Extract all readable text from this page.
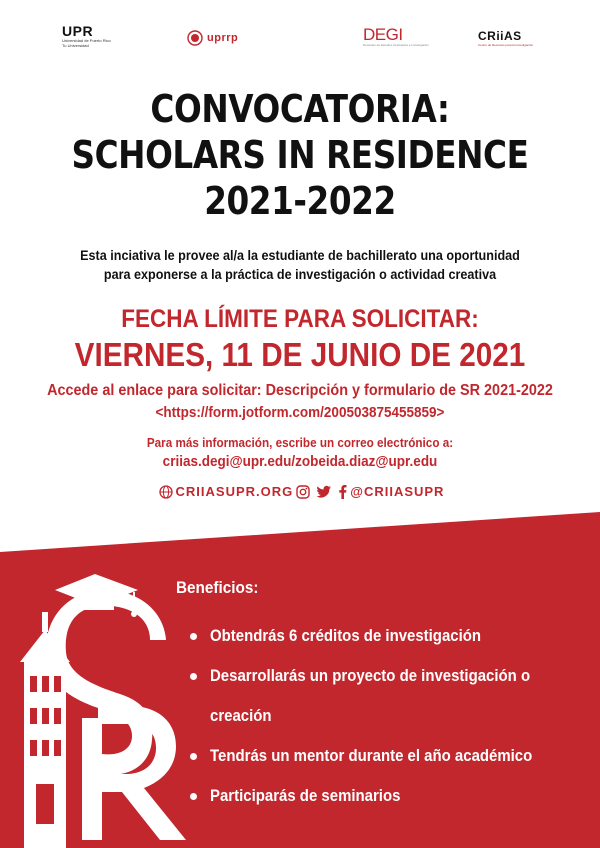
UPR
Universidad de Puerto Rico
Tu Universidad
uprrp	DEGI
Decanato de Estudios Graduados e Investigación
CRiiAS
Centro de Recursos para la Investigación
CONVOCATORIA:
SCHOLARS IN RESIDENCE
2021-2022
Esta inciativa le provee al/a la estudiante de bachillerato una oportunidad
para exponerse a la práctica de investigación o actividad creativa
FECHA LÍMITE PARA SOLICITAR:
VIERNES, 11 DE JUNIO DE 2021
Accede al enlace para solicitar: Descripción y formulario de SR 2021-2022
<https://form.jotform.com/200503875455859>
Para más información, escribe un correo electrónico a:
criias.degi@upr.edu/zobeida.diaz@upr.edu
CRIIASUPR.ORG	@CRIIASUPR
Beneficios:
Obtendrás 6 créditos de investigación
Desarrollarás un proyecto de investigación o
creación
Tendrás un mentor durante el año académico
Participarás de seminarios
